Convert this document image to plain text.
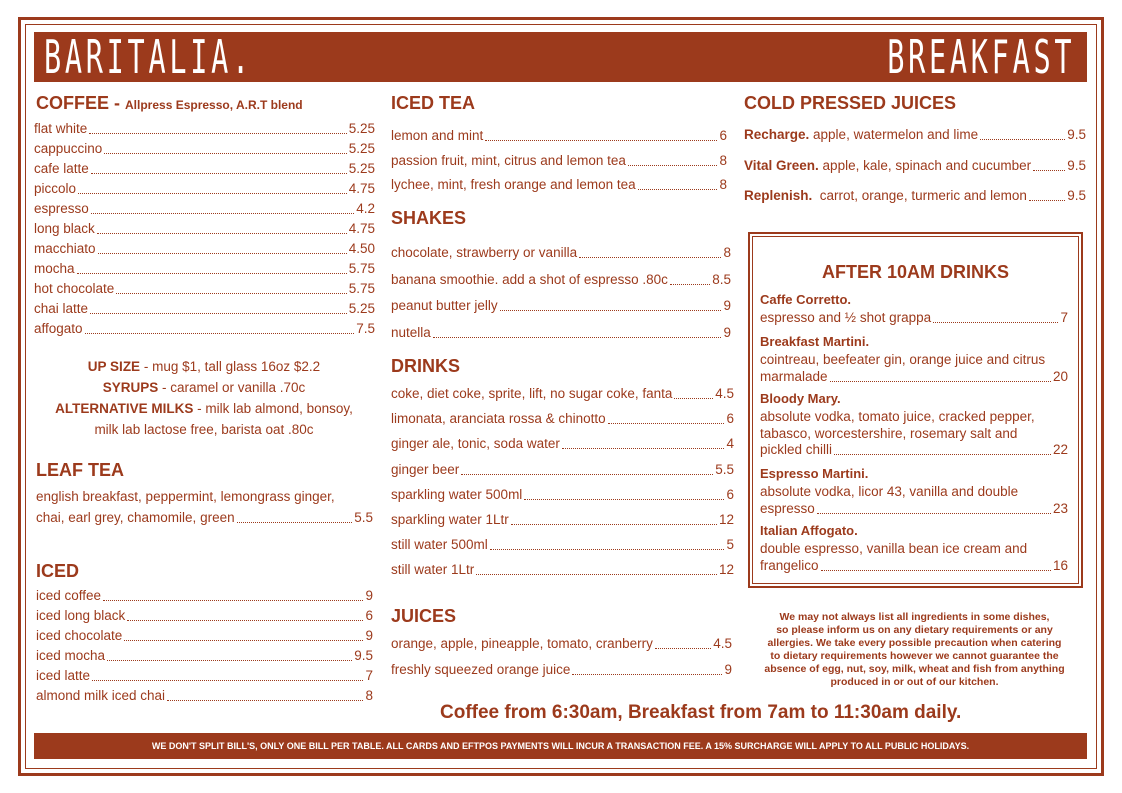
BARITALIA.	BREAKFAST
COFFEE - Allpress Espresso, A.R.T blend
flat white	5.25
cappuccino	5.25
cafe latte	5.25
piccolo	4.75
espresso	4.2
long black	4.75
macchiato	4.50
mocha	5.75
hot chocolate	5.75
chai latte	5.25
affogato	7.5
UP SIZE - mug $1, tall glass 16oz $2.2
SYRUPS - caramel or vanilla .70c
ALTERNATIVE MILKS - milk lab almond, bonsoy,
milk lab lactose free, barista oat .80c
LEAF TEA
english breakfast, peppermint, lemongrass ginger,
chai, earl grey, chamomile, green	5.5
ICED
iced coffee	9
iced long black	6
iced chocolate	9
iced mocha	9.5
iced latte	7
almond milk iced chai	8
ICED TEA
lemon and mint	6
passion fruit, mint, citrus and lemon tea	8
lychee, mint, fresh orange and lemon tea	8
SHAKES
chocolate, strawberry or vanilla	8
banana smoothie. add a shot of espresso .80c	8.5
peanut butter jelly	9
nutella	9
DRINKS
coke, diet coke, sprite, lift, no sugar coke, fanta	4.5
limonata, aranciata rossa & chinotto	6
ginger ale, tonic, soda water	4
ginger beer	5.5
sparkling water 500ml	6
sparkling water 1Ltr	12
still water 500ml	5
still water 1Ltr	12
JUICES
orange, apple, pineapple, tomato, cranberry	4.5
freshly squeezed orange juice	9
COLD PRESSED JUICES
Recharge. apple, watermelon and lime	9.5
Vital Green. apple, kale, spinach and cucumber	9.5
Replenish. carrot, orange, turmeric and lemon	9.5
AFTER 10AM DRINKS
Caffe Corretto.
espresso and ½ shot grappa	7
Breakfast Martini.
cointreau, beefeater gin, orange juice and citrus
marmalade	20
Bloody Mary.
absolute vodka, tomato juice, cracked pepper,
tabasco, worcestershire, rosemary salt and
pickled chilli	22
Espresso Martini.
absolute vodka, licor 43, vanilla and double
espresso	23
Italian Affogato.
double espresso, vanilla bean ice cream and
frangelico	16
We may not always list all ingredients in some dishes,
so please inform us on any dietary requirements or any
allergies. We take every possible precaution when catering
to dietary requirements however we cannot guarantee the
absence of egg, nut, soy, milk, wheat and fish from anything
produced in or out of our kitchen.
Coffee from 6:30am, Breakfast from 7am to 11:30am daily.
WE DON'T SPLIT BILL'S, ONLY ONE BILL PER TABLE. ALL CARDS AND EFTPOS PAYMENTS WILL INCUR A TRANSACTION FEE. A 15% SURCHARGE WILL APPLY TO ALL PUBLIC HOLIDAYS.
